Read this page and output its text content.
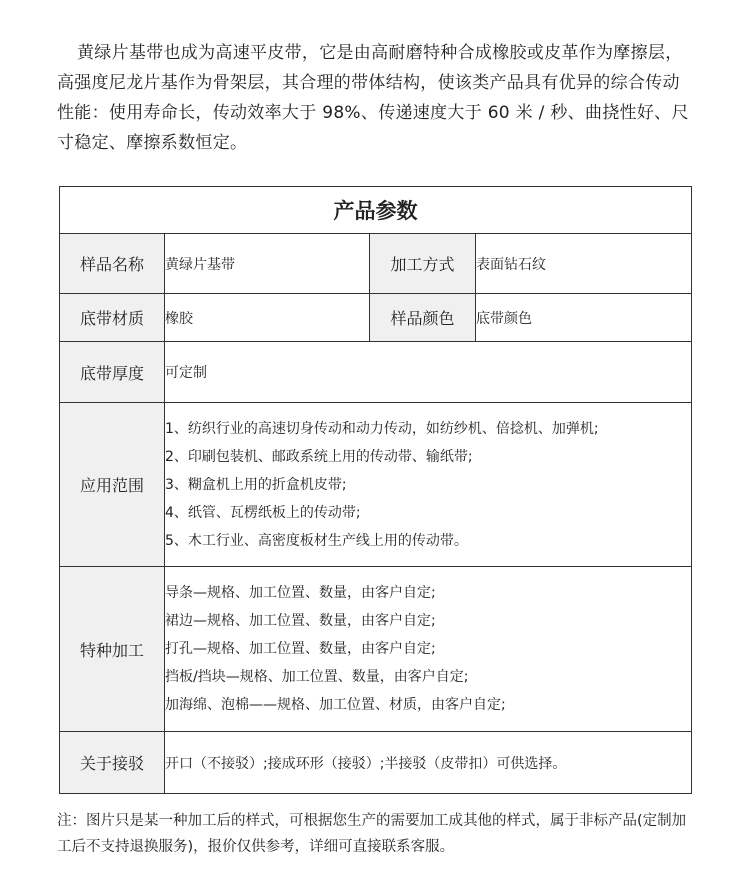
黄绿片基带也成为高速平皮带，它是由高耐磨特种合成橡胶或皮革作为摩擦层，高强度尼龙片基作为骨架层，其合理的带体结构，使该类产品具有优异的综合传动性能：使用寿命长，传动效率大于 98%、传递速度大于 60 米 / 秒、曲挠性好、尺寸稳定、摩擦系数恒定。

产品参数			
样品名称	黄绿片基带	加工方式	表面钻石纹
底带材质	橡胶	样品颜色	底带颜色
底带厚度	可定制		
应用范围	1、纺织行业的高速切身传动和动力传动，如纺纱机、倍捻机、加弹机;
2、印刷包装机、邮政系统上用的传动带、输纸带;
3、糊盒机上用的折盒机皮带;
4、纸管、瓦楞纸板上的传动带;
5、木工行业、高密度板材生产线上用的传动带。		

特种加工	导条—规格、加工位置、数量，由客户自定;
裙边—规格、加工位置、数量，由客户自定;
打孔—规格、加工位置、数量，由客户自定;
挡板/挡块—规格、加工位置、数量，由客户自定;
加海绵、泡棉——规格、加工位置、材质，由客户自定;		

关于接驳	开口（不接驳）;接成环形（接驳）;半接驳（皮带扣）可供选择。		

注：图片只是某一种加工后的样式，可根据您生产的需要加工成其他的样式，属于非标产品(定制加工后不支持退换服务)，报价仅供参考，详细可直接联系客服。
